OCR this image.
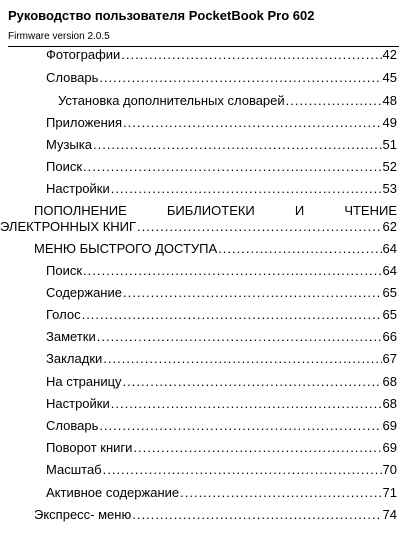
Руководство пользователя PocketBook Pro 602
Firmware version 2.0.5
Фотографии .....	42
Словарь .....	45
Установка дополнительных словарей .....	48
Приложения .....	49
Музыка .....	51
Поиск .....	52
Настройки .....	53
ПОПОЛНЕНИЕ	БИБЛИОТЕКИ	И	ЧТЕНИЕ
ЭЛЕКТРОННЫХ КНИГ .....	62
МЕНЮ БЫСТРОГО ДОСТУПА .....	64
Поиск .....	64
Содержание .....	65
Голос .....	65
Заметки .....	66
Закладки .....	67
На страницу .....	68
Настройки .....	68
Словарь .....	69
Поворот книги .....	69
Масштаб .....	70
Активное содержание .....	71
Экспресс- меню .....	74
